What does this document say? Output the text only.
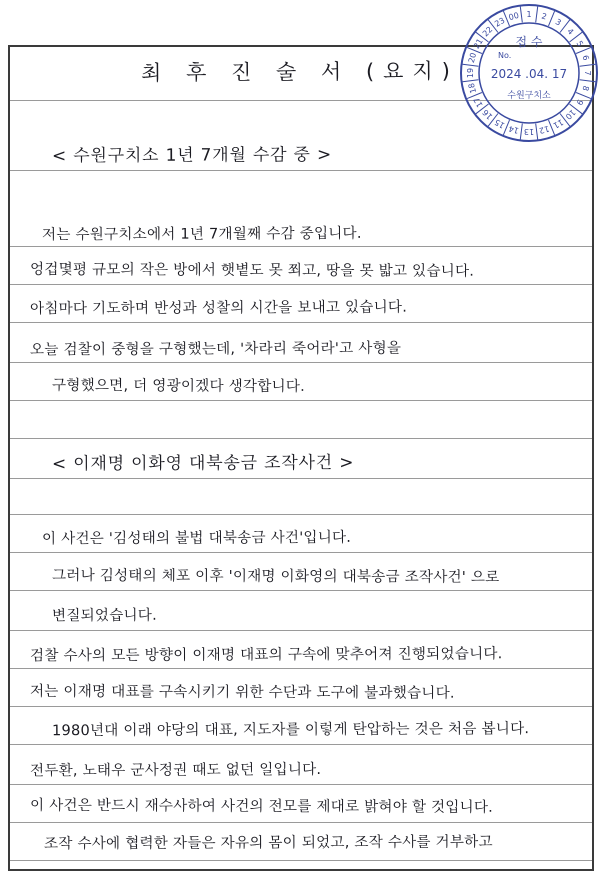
최 후 진 술 서 (요지)
< 수원구치소 1년 7개월 수감 중 >
저는 수원구치소에서 1년 7개월째 수감 중입니다.
엉겁몇평 규모의 작은 방에서 햇볕도 못 쬐고, 땅을 못 밟고 있습니다.
아침마다 기도하며 반성과 성찰의 시간을 보내고 있습니다.
오늘 검찰이 중형을 구형했는데, '차라리 죽어라'고 사형을
구형했으면, 더 영광이겠다 생각합니다.
< 이재명 이화영 대북송금 조작사건 >
이 사건은 '김성태의 불법 대북송금 사건'입니다.
그러나 김성태의 체포 이후 '이재명 이화영의 대북송금 조작사건' 으로
변질되었습니다.
검찰 수사의 모든 방향이 이재명 대표의 구속에 맞추어져 진행되었습니다.
저는 이재명 대표를 구속시키기 위한 수단과 도구에 불과했습니다.
1980년대 이래 야당의 대표, 지도자를 이렇게 탄압하는 것은 처음 봅니다.
전두환, 노태우 군사정권 때도 없던 일입니다.
이 사건은 반드시 재수사하여 사건의 전모를 제대로 밝혀야 할 것입니다.
조작 수사에 협력한 자들은 자유의 몸이 되었고, 조작 수사를 거부하고
1 2
3
4
5
6
7
8
9
10
11
12
13
14
15
16
17
18
19
20
21
22
23 00
접 수
No.
2024 .04. 17
수원구치소
